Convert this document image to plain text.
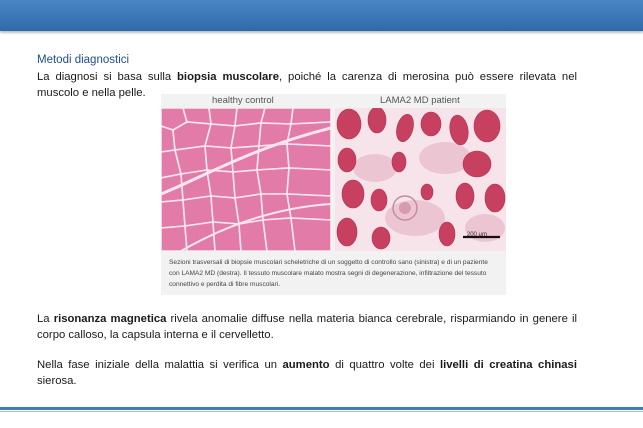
Metodi diagnostici
La diagnosi si basa sulla biopsia muscolare, poiché la carenza di merosina può essere rilevata nel muscolo e nella pelle.
healthy control	LAMA2 MD patient
200 μm
Sezioni trasversali di biopsie muscolari scheletriche di un soggetto di controllo sano (sinistra) e di un paziente con LAMA2 MD (destra). Il tessuto muscolare malato mostra segni di degenerazione, infiltrazione del tessuto connettivo e perdita di fibre muscolari.
La risonanza magnetica rivela anomalie diffuse nella materia bianca cerebrale, risparmiando in genere il corpo calloso, la capsula interna e il cervelletto.
Nella fase iniziale della malattia si verifica un aumento di quattro volte dei livelli di creatina chinasi sierosa.
